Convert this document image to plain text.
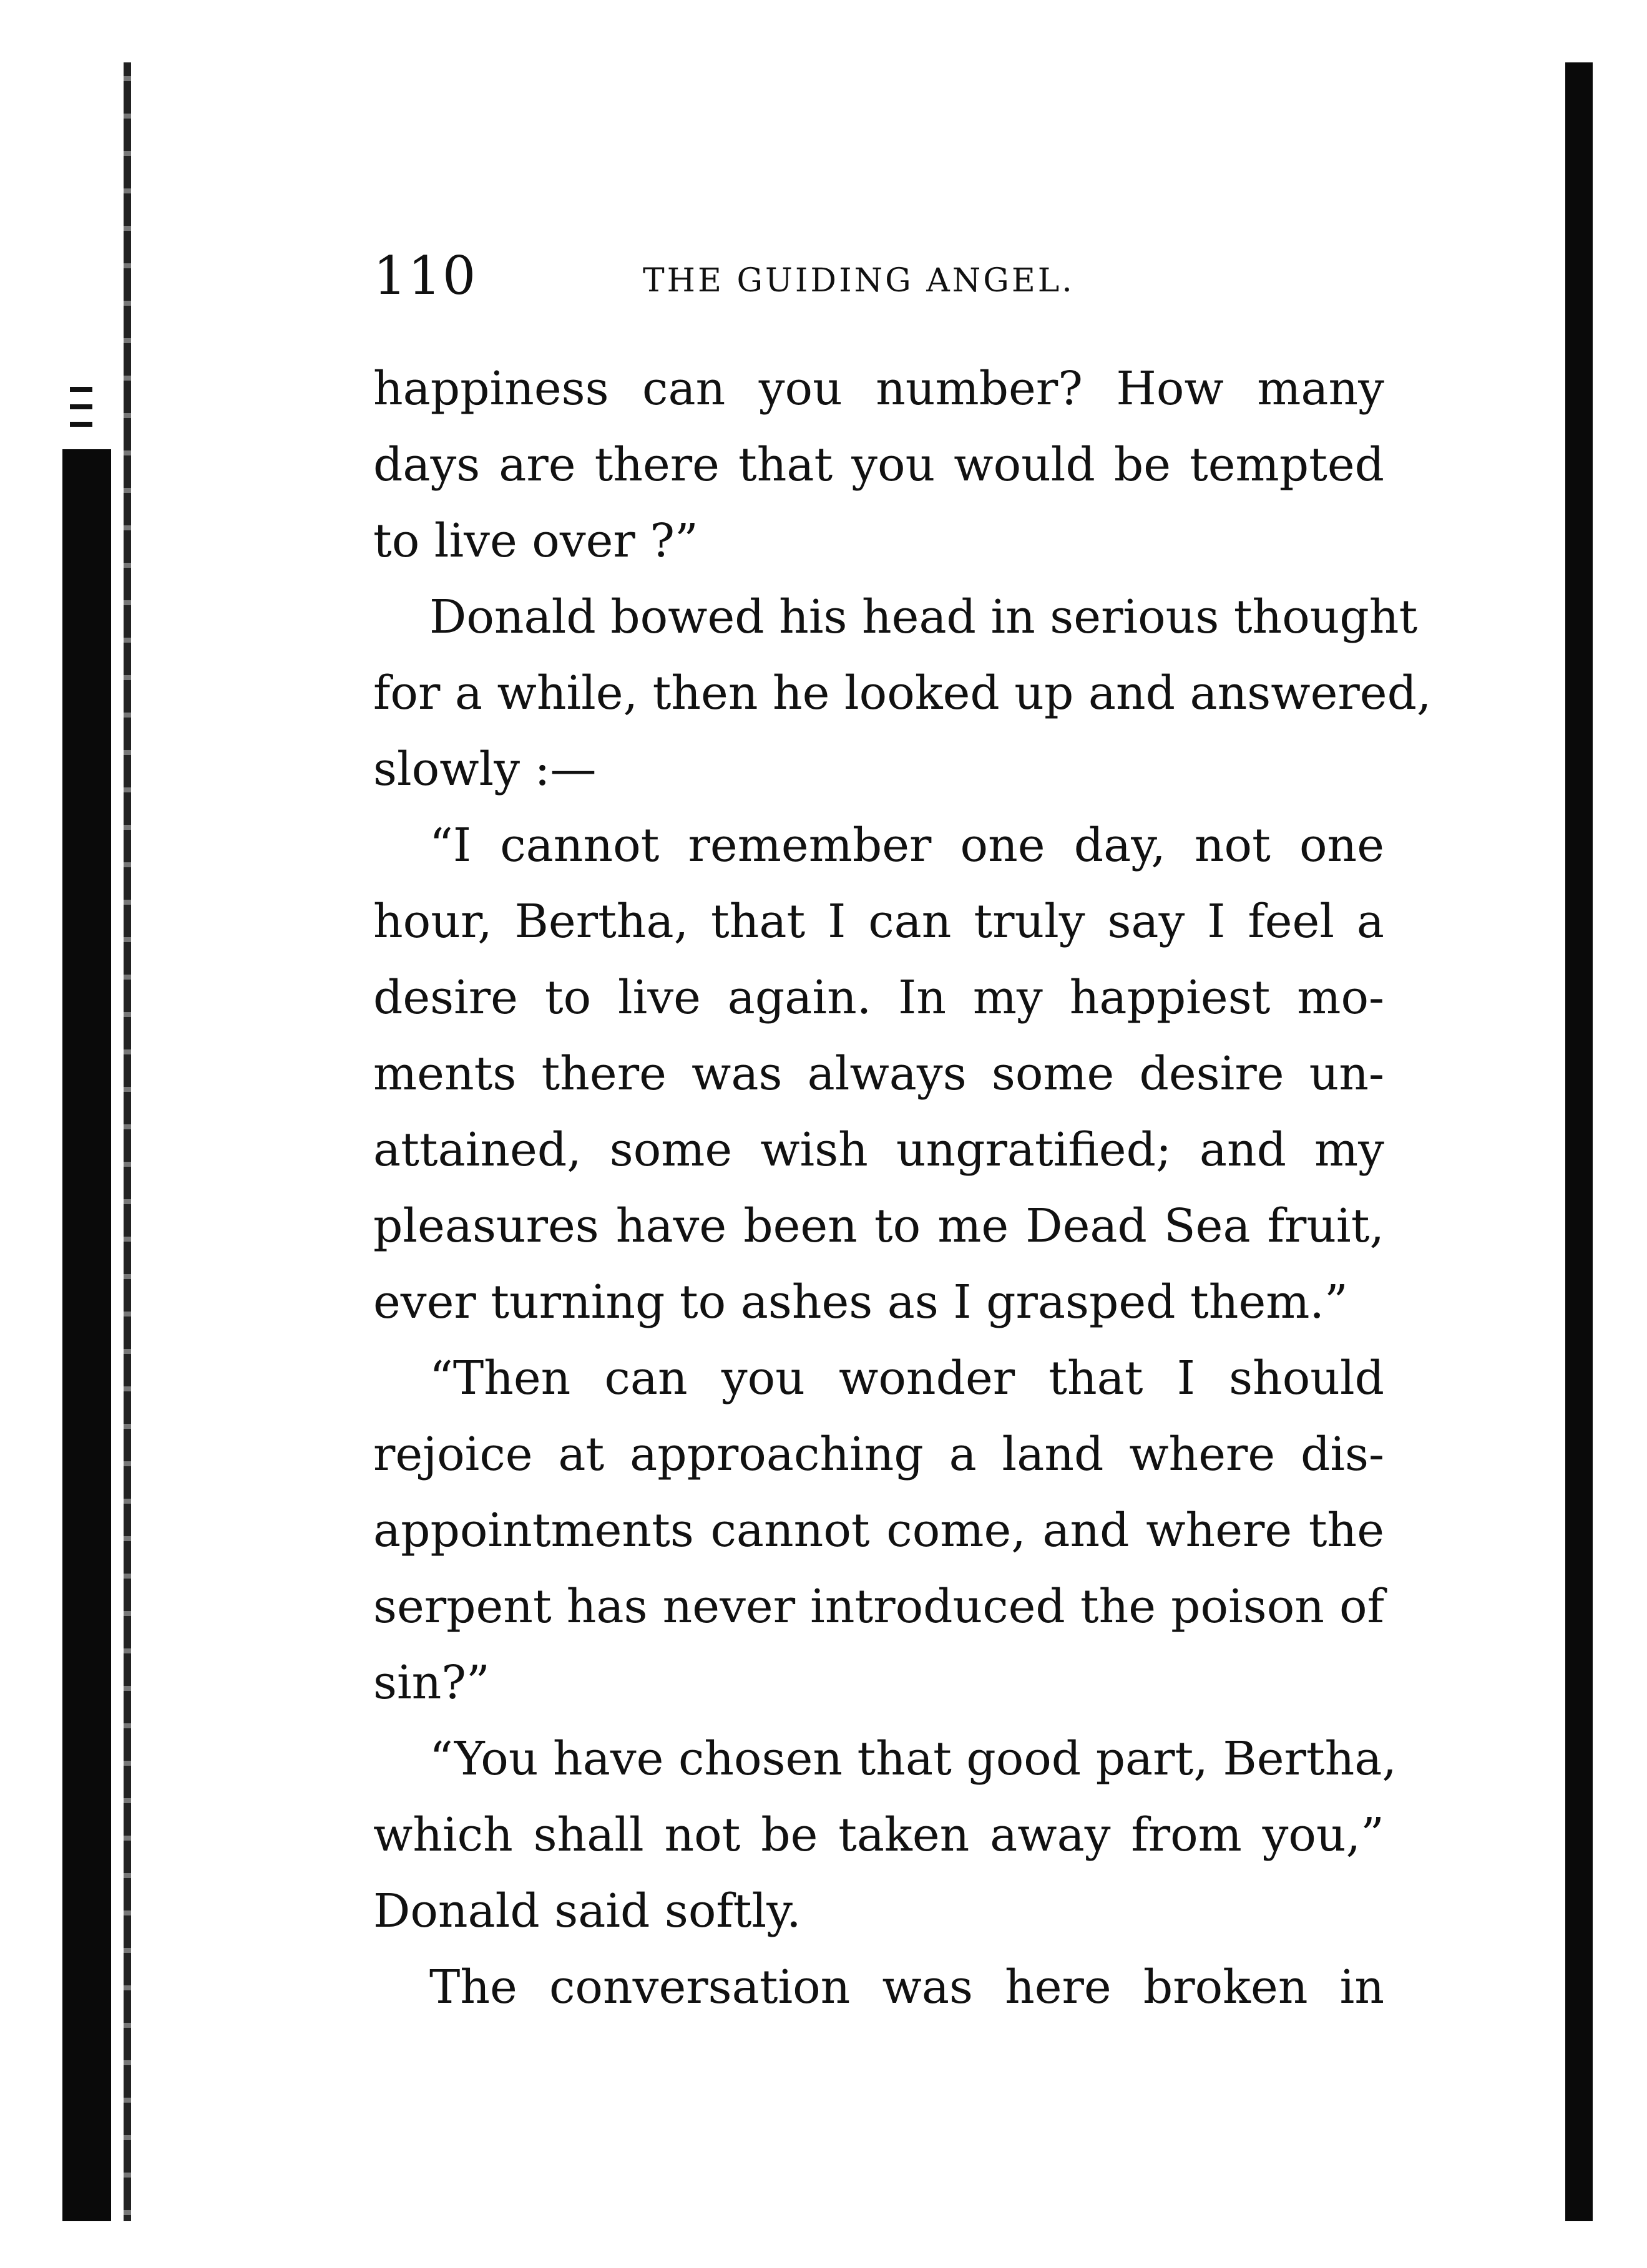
110	THE GUIDING ANGEL.
happiness can you number? How many
days are there that you would be tempted
to live over ?”
Donald bowed his head in serious thought
for a while, then he looked up and answered,
slowly :—
“I cannot remember one day, not one
hour, Bertha, that I can truly say I feel a
desire to live again. In my happiest mo-
ments there was always some desire un-
attained, some wish ungratified; and my
pleasures have been to me Dead Sea fruit,
ever turning to ashes as I grasped them.”
“Then can you wonder that I should
rejoice at approaching a land where dis-
appointments cannot come, and where the
serpent has never introduced the poison of
sin?”
“You have chosen that good part, Bertha,
which shall not be taken away from you,”
Donald said softly.
The conversation was here broken in
